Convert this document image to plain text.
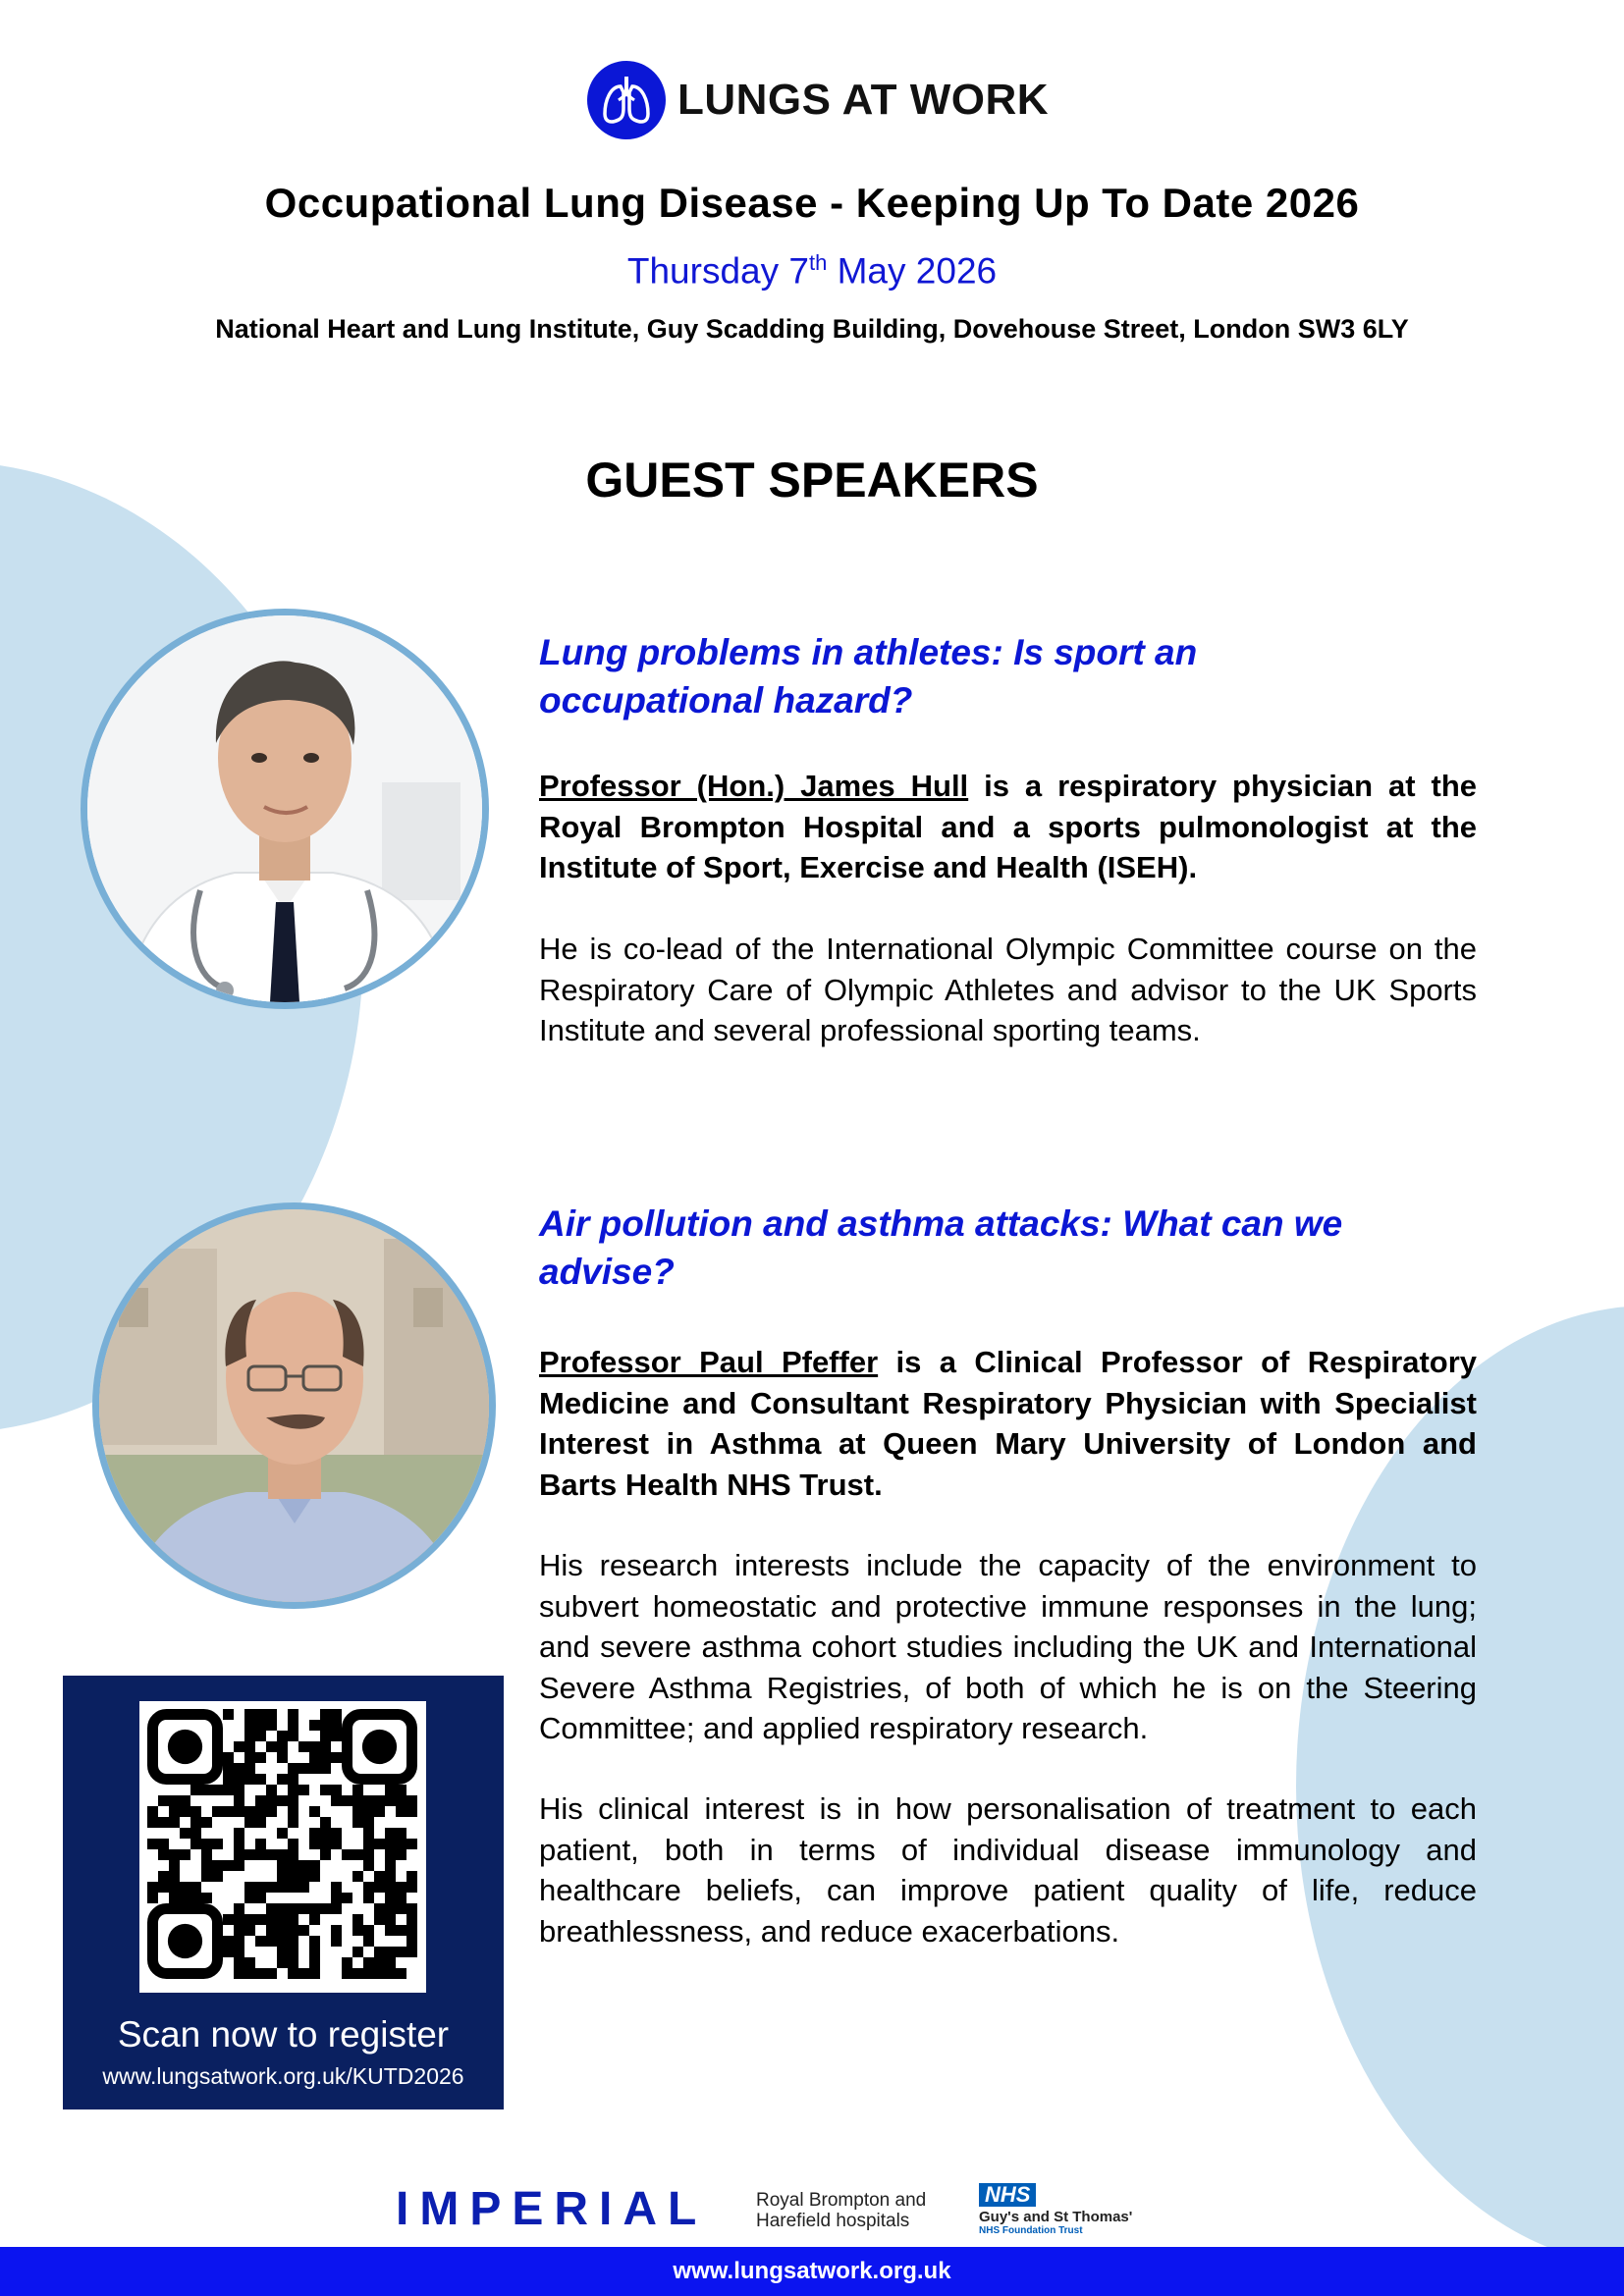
LUNGS AT WORK
Occupational Lung Disease - Keeping Up To Date 2026
Thursday 7th May 2026
National Heart and Lung Institute, Guy Scadding Building, Dovehouse Street, London SW3 6LY
GUEST SPEAKERS
Lung problems in athletes: Is sport an occupational hazard?
Professor (Hon.) James Hull is a respiratory physician at the Royal Brompton Hospital and a sports pulmonologist at the Institute of Sport, Exercise and Health (ISEH).
He is co-lead of the International Olympic Committee course on the Respiratory Care of Olympic Athletes and advisor to the UK Sports Institute and several professional sporting teams.
Air pollution and asthma attacks: What can we advise?
Professor Paul Pfeffer is a Clinical Professor of Respiratory Medicine and Consultant Respiratory Physician with Specialist Interest in Asthma at Queen Mary University of London and Barts Health NHS Trust.
His research interests include the capacity of the environment to subvert homeostatic and protective immune responses in the lung; and severe asthma cohort studies including the UK and International Severe Asthma Registries, of both of which he is on the Steering Committee; and applied respiratory research.
His clinical interest is in how personalisation of treatment to each patient, both in terms of individual disease immunology and healthcare beliefs, can improve patient quality of life, reduce breathlessness, and reduce exacerbations.
Scan now to register
www.lungsatwork.org.uk/KUTD2026
IMPERIAL	Royal Brompton and
Harefield hospitals
NHS
Guy's and St Thomas'
NHS Foundation Trust
www.lungsatwork.org.uk
